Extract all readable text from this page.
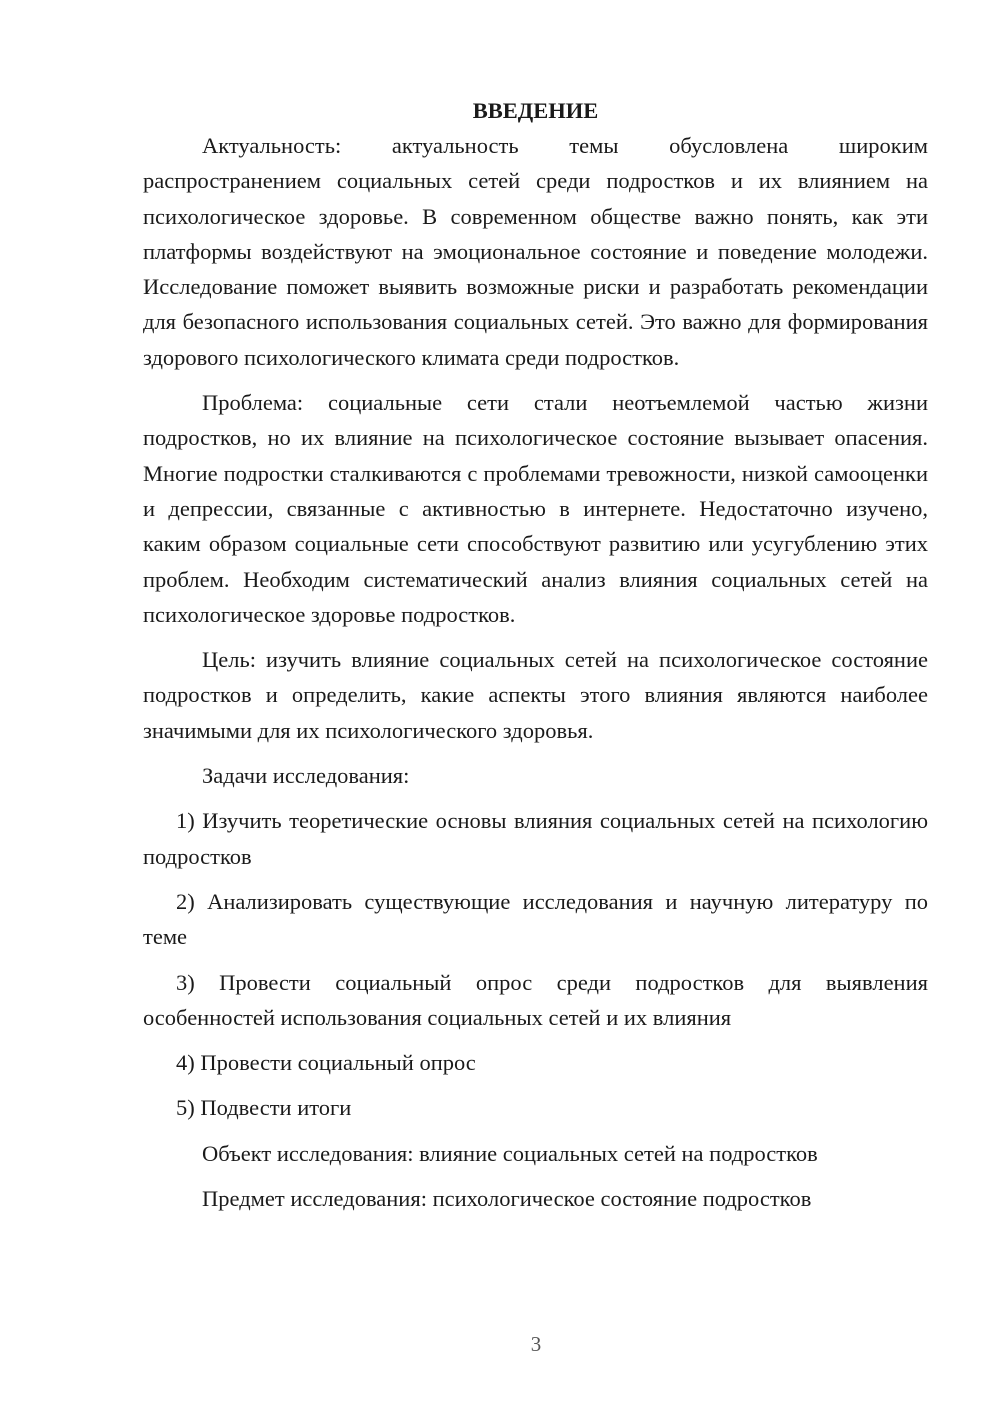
ВВЕДЕНИЕ

Актуальность: актуальность темы обусловлена широким распространением социальных сетей среди подростков и их влиянием на психологическое здоровье. В современном обществе важно понять, как эти платформы воздействуют на эмоциональное состояние и поведение молодежи. Исследование поможет выявить возможные риски и разработать рекомендации для безопасного использования социальных сетей. Это важно для формирования здорового психологического климата среди подростков.

Проблема: социальные сети стали неотъемлемой частью жизни подростков, но их влияние на психологическое состояние вызывает опасения. Многие подростки сталкиваются с проблемами тревожности, низкой самооценки и депрессии, связанные с активностью в интернете. Недостаточно изучено, каким образом социальные сети способствуют развитию или усугублению этих проблем. Необходим систематический анализ влияния социальных сетей на психологическое здоровье подростков.

Цель: изучить влияние социальных сетей на психологическое состояние подростков и определить, какие аспекты этого влияния являются наиболее значимыми для их психологического здоровья.

Задачи исследования:

1) Изучить теоретические основы влияния социальных сетей на психологию подростков

2) Анализировать существующие исследования и научную литературу по теме

3) Провести социальный опрос среди подростков для выявления особенностей использования социальных сетей и их влияния

4) Провести социальный опрос

5) Подвести итоги

Объект исследования: влияние социальных сетей на подростков

Предмет исследования: психологическое состояние подростков

3
